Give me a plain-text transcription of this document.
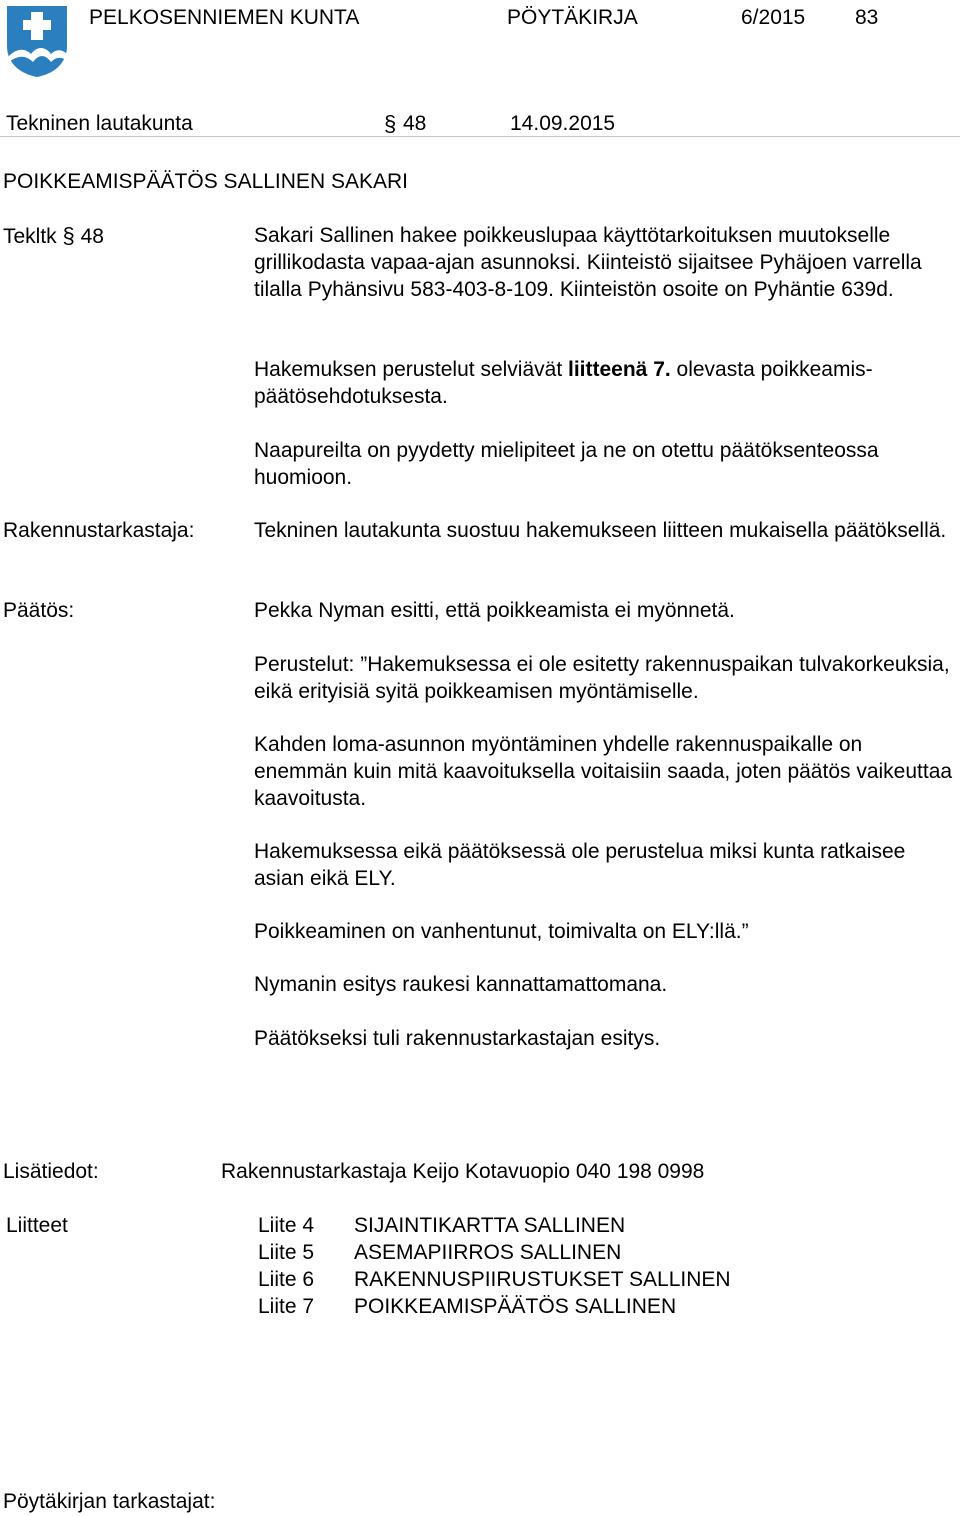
PELKOSENNIEMEN KUNTA	PÖYTÄKIRJA	6/2015 83
Tekninen lautakunta	§ 48	14.09.2015
POIKKEAMISPÄÄTÖS SALLINEN SAKARI
Tekltk § 48	Sakari Sallinen hakee poikkeuslupaa käyttötarkoituksen muutokselle grillikodasta vapaa-ajan asunnoksi. Kiinteistö sijaitsee Pyhäjoen varrella tilalla Pyhänsivu 583-403-8-109. Kiinteistön osoite on Pyhäntie 639d.

Hakemuksen perustelut selviävät liitteenä 7. olevasta poikkeamis-päätösehdotuksesta.

Naapureilta on pyydetty mielipiteet ja ne on otettu päätöksenteossa huomioon.

Rakennustarkastaja:	Tekninen lautakunta suostuu hakemukseen liitteen mukaisella päätöksellä.

Päätös:	Pekka Nyman esitti, että poikkeamista ei myönnetä.

Perustelut: ”Hakemuksessa ei ole esitetty rakennuspaikan tulvakorkeuksia, eikä erityisiä syitä poikkeamisen myöntämiselle.

Kahden loma-asunnon myöntäminen yhdelle rakennuspaikalle on enemmän kuin mitä kaavoituksella voitaisiin saada, joten päätös vaikeuttaa kaavoitusta.

Hakemuksessa eikä päätöksessä ole perustelua miksi kunta ratkaisee asian eikä ELY.

Poikkeaminen on vanhentunut, toimivalta on ELY:llä.”

Nymanin esitys raukesi kannattamattomana.

Päätökseksi tuli rakennustarkastajan esitys.

Lisätiedot:	Rakennustarkastaja Keijo Kotavuopio 040 198 0998
Liitteet	Liite 4 SIJAINTIKARTTA SALLINEN
Liite 5 ASEMAPIIRROS SALLINEN
Liite 6 RAKENNUSPIIRUSTUKSET SALLINEN
Liite 7 POIKKEAMISPÄÄTÖS SALLINEN
Pöytäkirjan tarkastajat:
